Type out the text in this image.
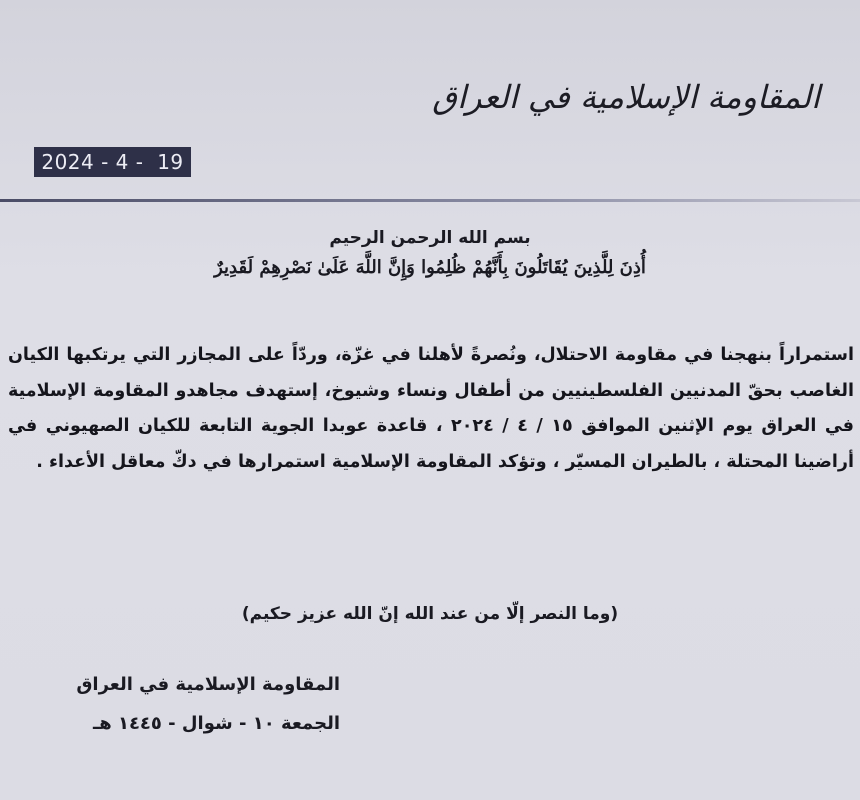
المقاومة الإسلامية في العراق
2024 - 4 -  19
بسم الله الرحمن الرحيم
أُذِنَ لِلَّذِينَ يُقَاتَلُونَ بِأَنَّهُمْ ظُلِمُوا وَإِنَّ اللَّهَ عَلَىٰ نَصْرِهِمْ لَقَدِيرٌ
استمراراً بنهجنا في مقاومة الاحتلال، ونُصرةً لأهلنا في غزّة، وردّاً على المجازر التي يرتكبها الكيان الغاصب بحقّ المدنيين الفلسطينيين من أطفال ونساء وشيوخ، إستهدف مجاهدو المقاومة الإسلامية في العراق يوم الإثنين الموافق ١٥ / ٤ / ٢٠٢٤ ، قاعدة عوبدا الجوية التابعة للكيان الصهيوني في أراضينا المحتلة ، بالطيران المسيّر ، وتؤكد المقاومة الإسلامية استمرارها في دكّ معاقل الأعداء .
(وما النصر إلّا من عند الله إنّ الله عزيز حكيم)
المقاومة الإسلامية في العراق
الجمعة ١٠ - شوال - ١٤٤٥ هـ
